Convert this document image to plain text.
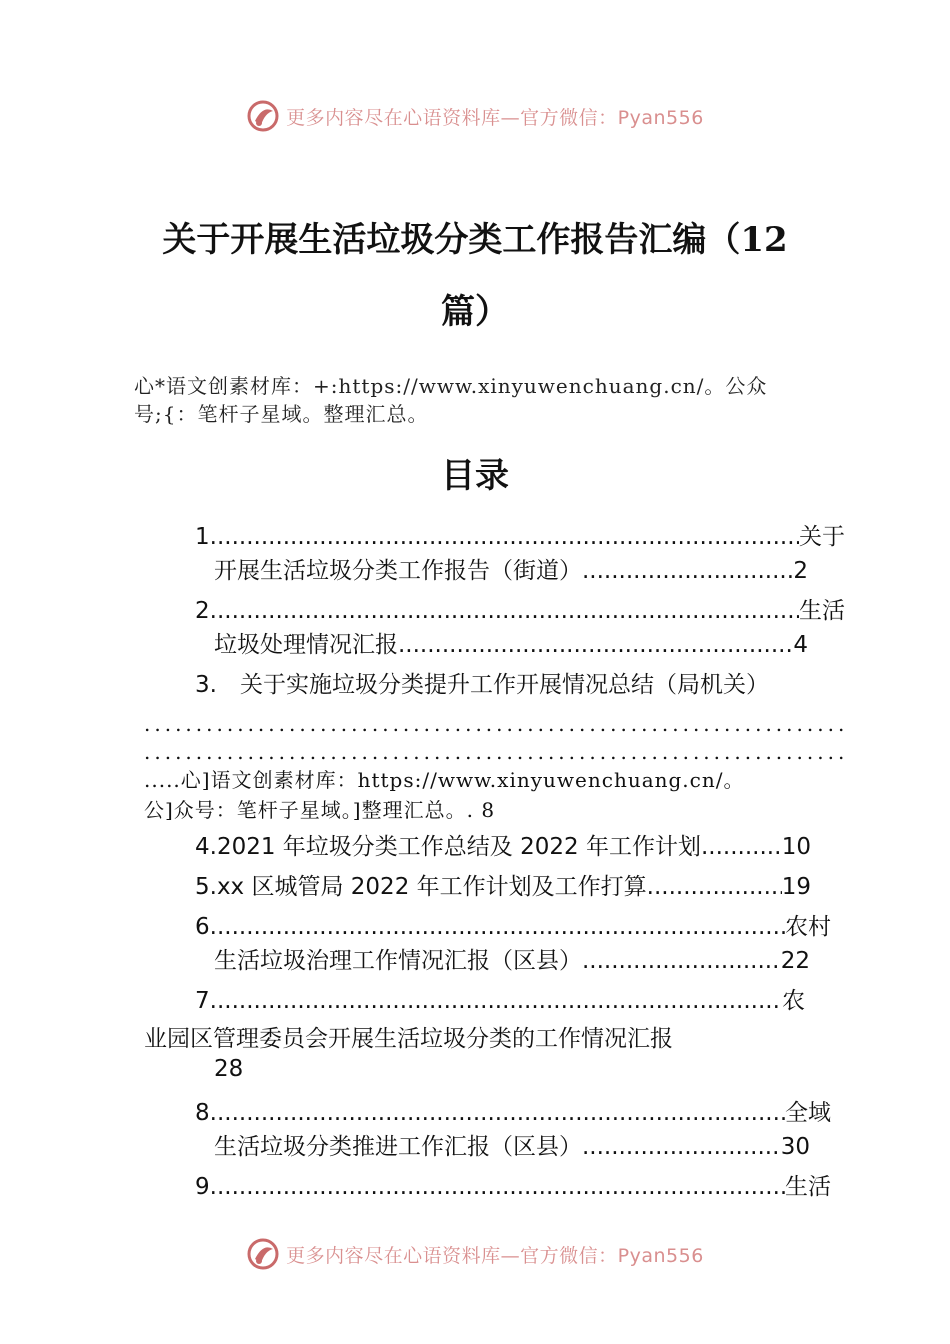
更多内容尽在心语资料库—官方微信：Pyan556
关于开展生活垃圾分类工作报告汇编（12
篇）
心*语文创素材库：+:https://www.xinyuwenchuang.cn/。公众
号;{：笔杆子星域。整理汇总。
目录
1 .....	关于
开展生活垃圾分类工作报告（街道） .....	2
2 .....	生活
垃圾处理情况汇报 .....	4
3.　关于实施垃圾分类提升工作开展情况总结（局机关）
.....
.....
.....心]语文创素材库：https://www.xinyuwenchuang.cn/。
公]众号：笔杆子星域。]整理汇总。. 8
4.2021 年垃圾分类工作总结及 2022 年工作计划 .....	10
5.xx 区城管局 2022 年工作计划及工作打算 .....	19
6 .....	农村
生活垃圾治理工作情况汇报（区县） .....	22
7 .....	农
业园区管理委员会开展生活垃圾分类的工作情况汇报
28
8 .....	全域
生活垃圾分类推进工作汇报（区县） .....	30
9 .....	生活
更多内容尽在心语资料库—官方微信：Pyan556
